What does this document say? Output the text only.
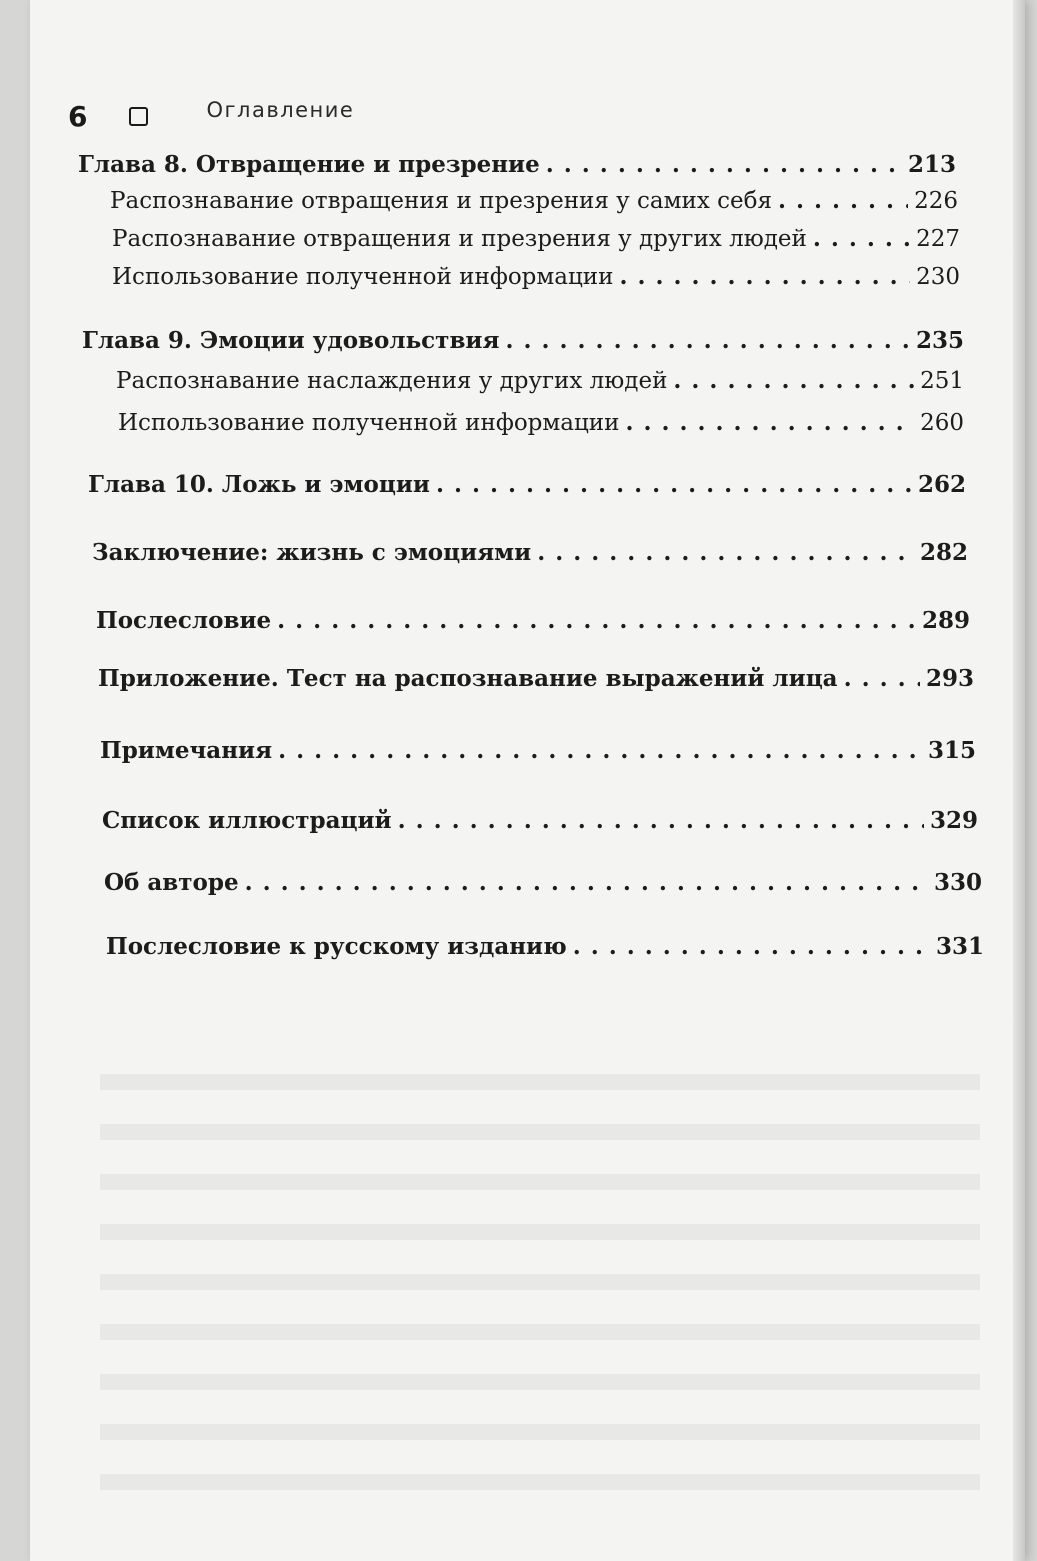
6	Оглавление
Глава 8. Отвращение и презрение . . .	213
Распознавание отвращения и презрения у самих себя . . .	226
Распознавание отвращения и презрения у других людей . . .	227
Использование полученной информации . . .	230
Глава 9. Эмоции удовольствия . . .	235
Распознавание наслаждения у других людей . . .	251
Использование полученной информации . . .	260
Глава 10. Ложь и эмоции . . .	262
Заключение: жизнь с эмоциями . . .	282
Послесловие . . .	289
Приложение. Тест на распознавание выражений лица . . .	293
Примечания . . .	315
Список иллюстраций . . .	329
Об авторе . . .	330
Послесловие к русскому изданию . . .	331
